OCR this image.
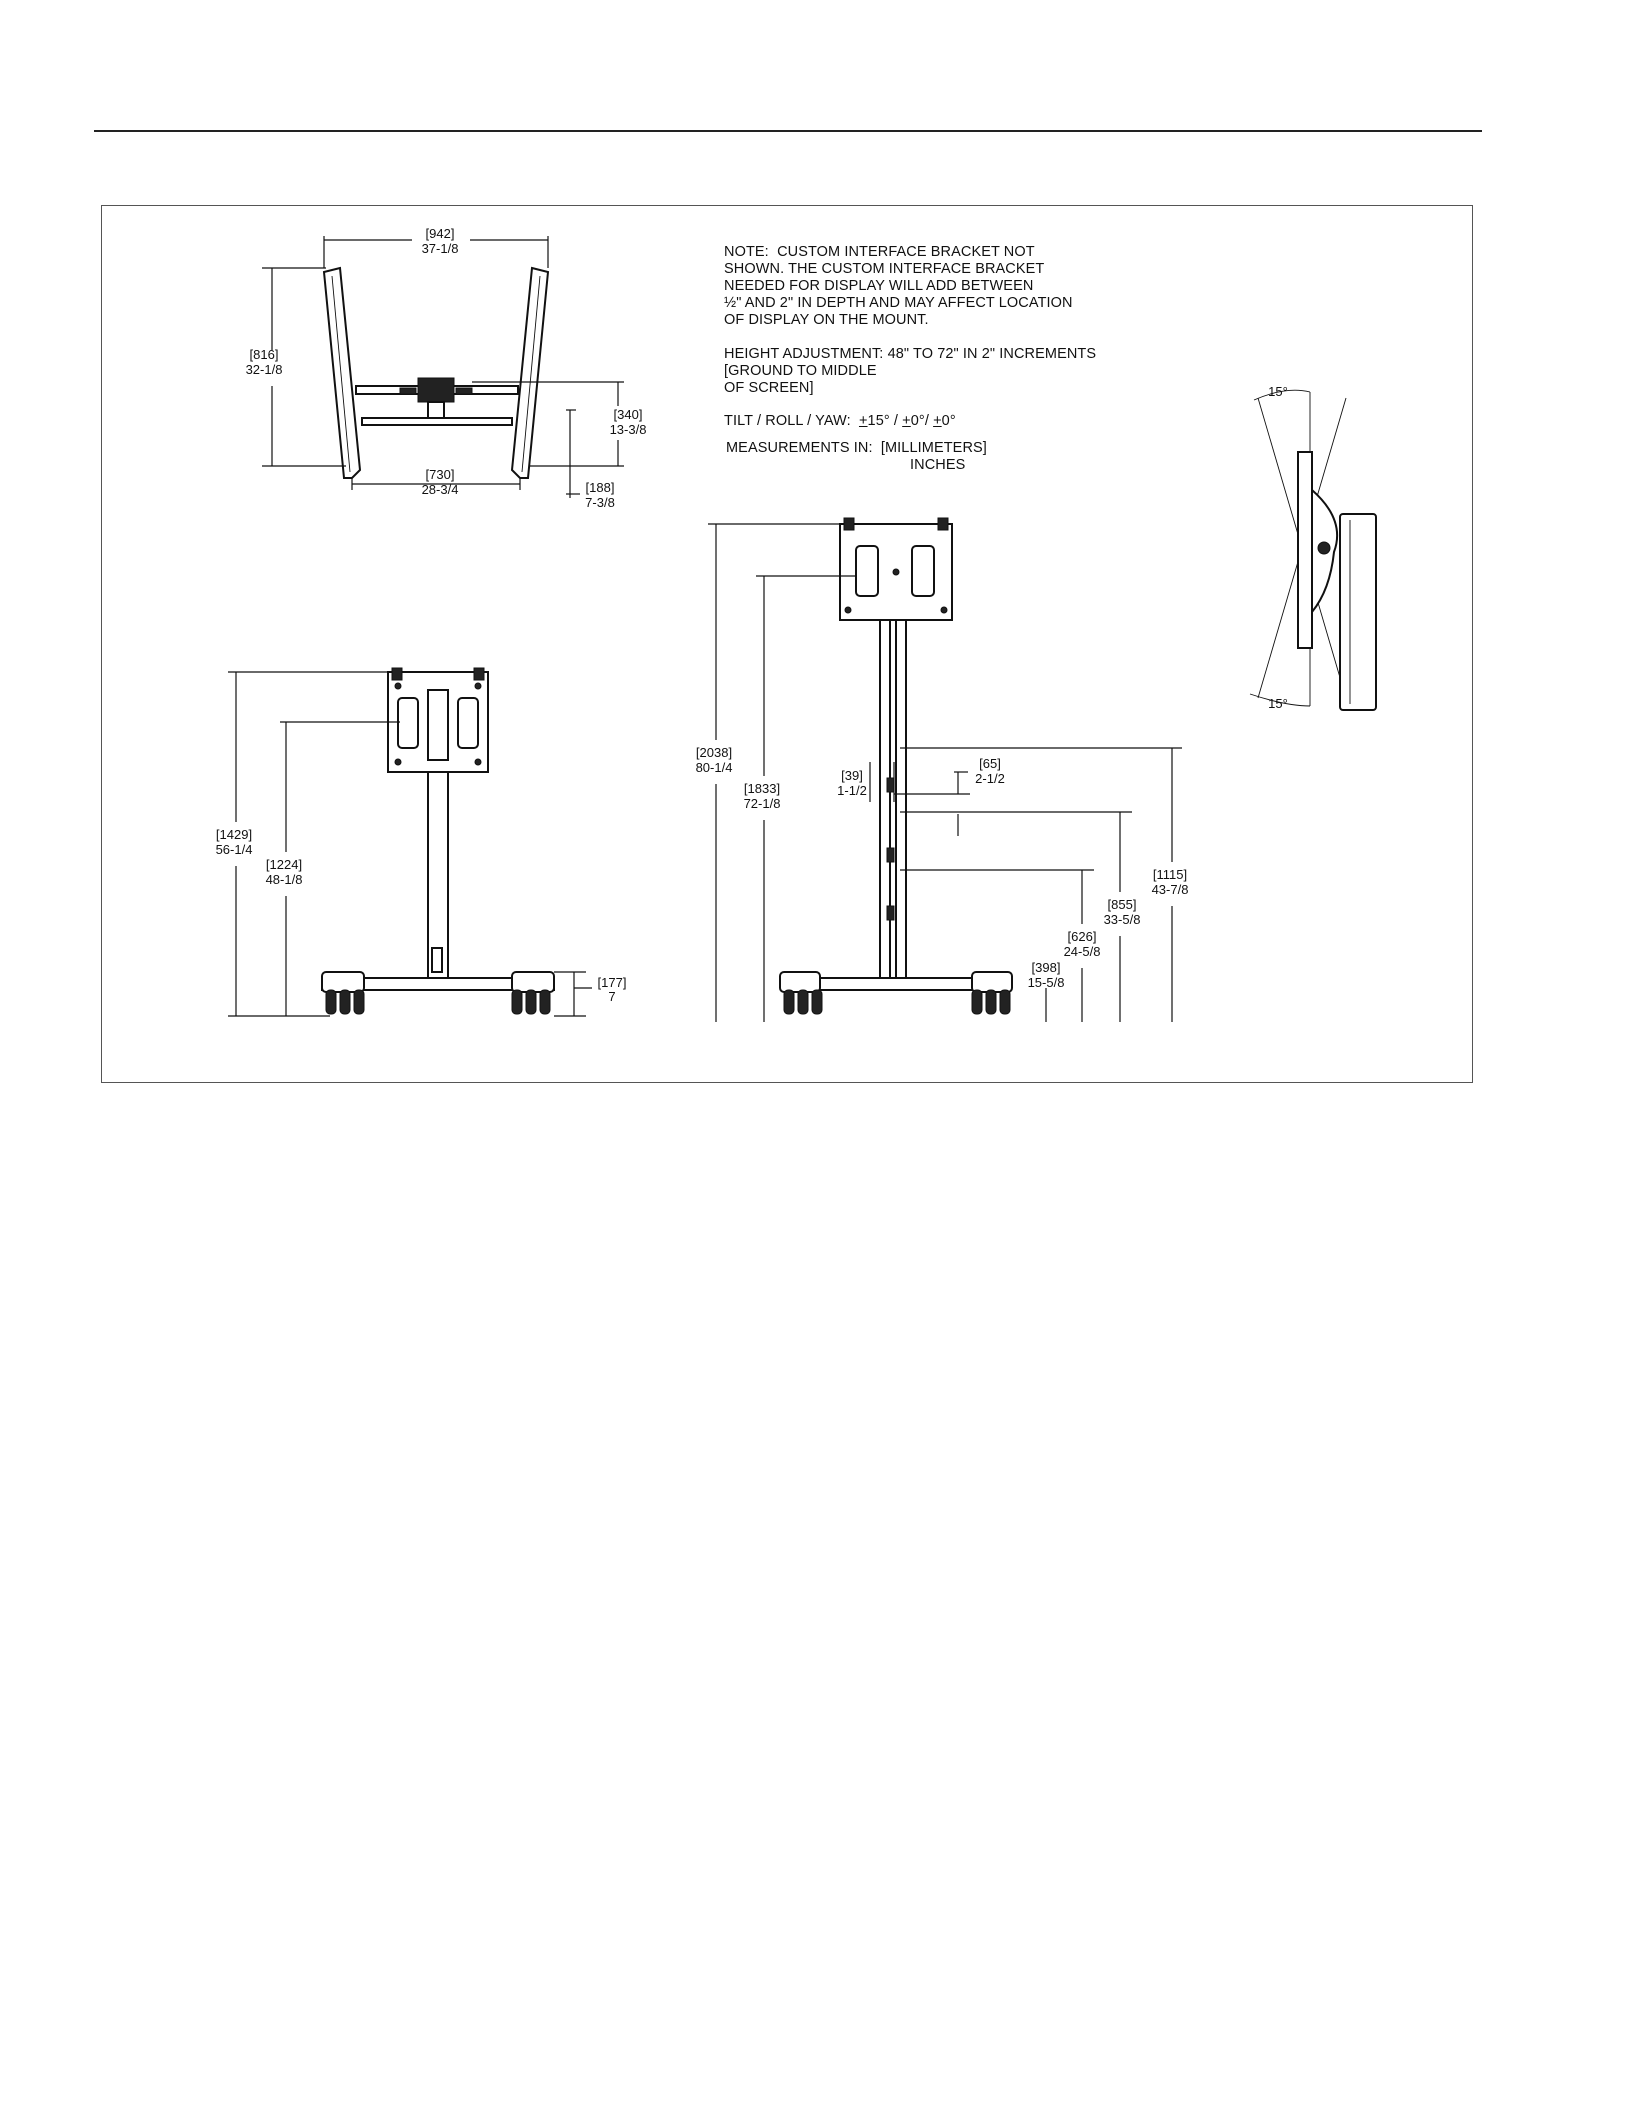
NOTE:  CUSTOM INTERFACE BRACKET NOT
SHOWN. THE CUSTOM INTERFACE BRACKET
NEEDED FOR DISPLAY WILL ADD BETWEEN
½" AND 2" IN DEPTH AND MAY AFFECT LOCATION
OF DISPLAY ON THE MOUNT.
HEIGHT ADJUSTMENT: 48" TO 72" IN 2" INCREMENTS
[GROUND TO MIDDLE
OF SCREEN]
TILT / ROLL / YAW:  +15° / +0°/ +0°
MEASUREMENTS IN:  [MILLIMETERS]
INCHES
[942]
37-1/8
[816]
32-1/8
[340]
13-3/8
[730]
28-3/4	[188]
7-3/8
[1429]
56-1/4
[1224]
48-1/8
[177]
7
[2038]
80-1/4
[1833]
72-1/8
[39]
1-1/2
[65]
2-1/2
[1115]
43-7/8
[855]
33-5/8
[626]
24-5/8
[398]
15-5/8
15°
15°
